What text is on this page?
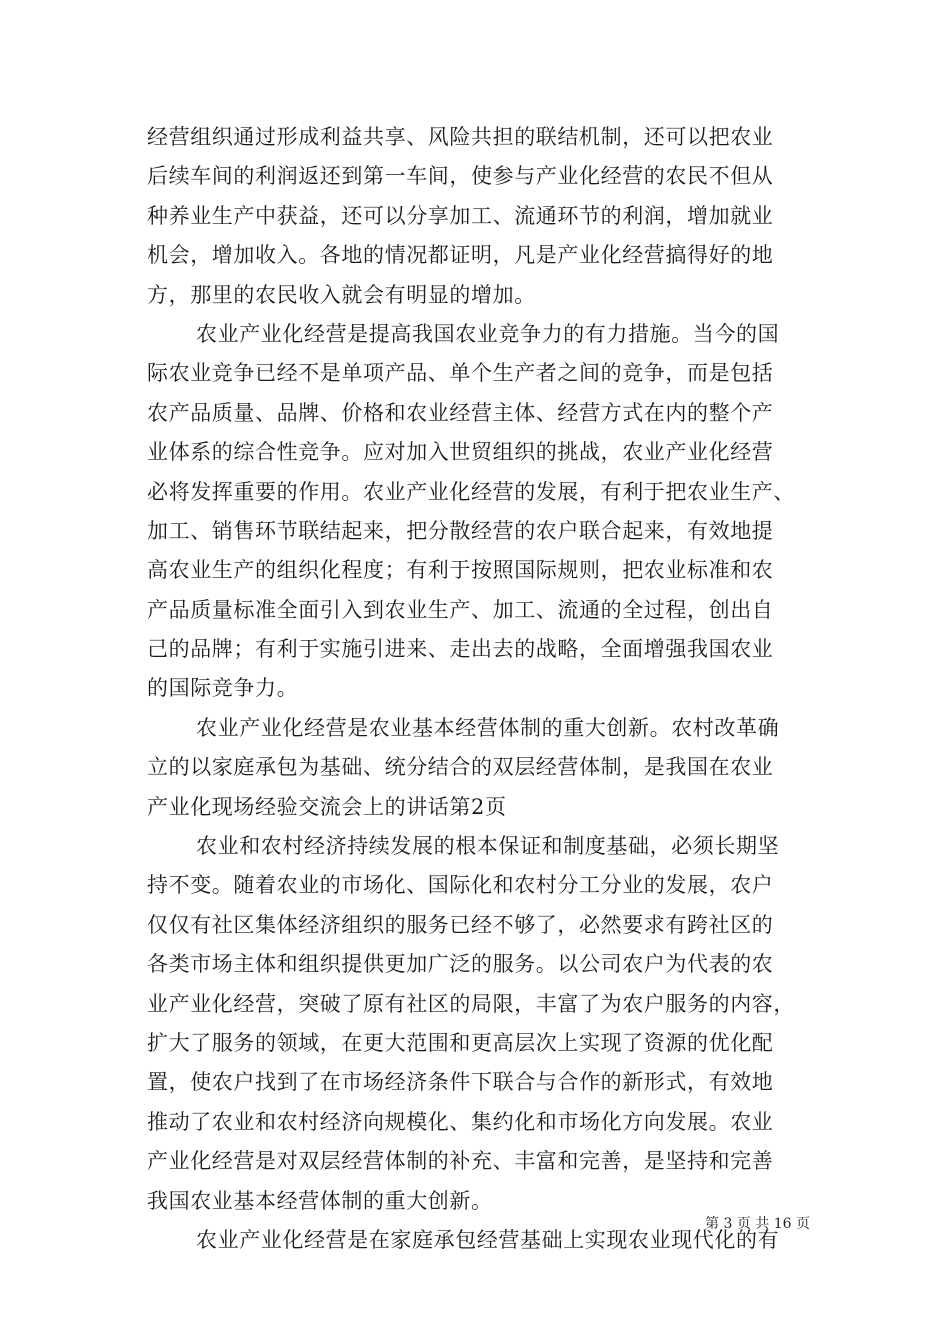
经营组织通过形成利益共享、风险共担的联结机制，还可以把农业
后续车间的利润返还到第一车间，使参与产业化经营的农民不但从
种养业生产中获益，还可以分享加工、流通环节的利润，增加就业
机会，增加收入。各地的情况都证明，凡是产业化经营搞得好的地
方，那里的农民收入就会有明显的增加。
农业产业化经营是提高我国农业竞争力的有力措施。当今的国
际农业竞争已经不是单项产品、单个生产者之间的竞争，而是包括
农产品质量、品牌、价格和农业经营主体、经营方式在内的整个产
业体系的综合性竞争。应对加入世贸组织的挑战，农业产业化经营
必将发挥重要的作用。农业产业化经营的发展，有利于把农业生产、
加工、销售环节联结起来，把分散经营的农户联合起来，有效地提
高农业生产的组织化程度；有利于按照国际规则，把农业标准和农
产品质量标准全面引入到农业生产、加工、流通的全过程，创出自
己的品牌；有利于实施引进来、走出去的战略，全面增强我国农业
的国际竞争力。
农业产业化经营是农业基本经营体制的重大创新。农村改革确
立的以家庭承包为基础、统分结合的双层经营体制，是我国在农业
产业化现场经验交流会上的讲话第2页
农业和农村经济持续发展的根本保证和制度基础，必须长期坚
持不变。随着农业的市场化、国际化和农村分工分业的发展，农户
仅仅有社区集体经济组织的服务已经不够了，必然要求有跨社区的
各类市场主体和组织提供更加广泛的服务。以公司农户为代表的农
业产业化经营，突破了原有社区的局限，丰富了为农户服务的内容，
扩大了服务的领域，在更大范围和更高层次上实现了资源的优化配
置，使农户找到了在市场经济条件下联合与合作的新形式，有效地
推动了农业和农村经济向规模化、集约化和市场化方向发展。农业
产业化经营是对双层经营体制的补充、丰富和完善，是坚持和完善
我国农业基本经营体制的重大创新。
农业产业化经营是在家庭承包经营基础上实现农业现代化的有
第 3 页 共 16 页
